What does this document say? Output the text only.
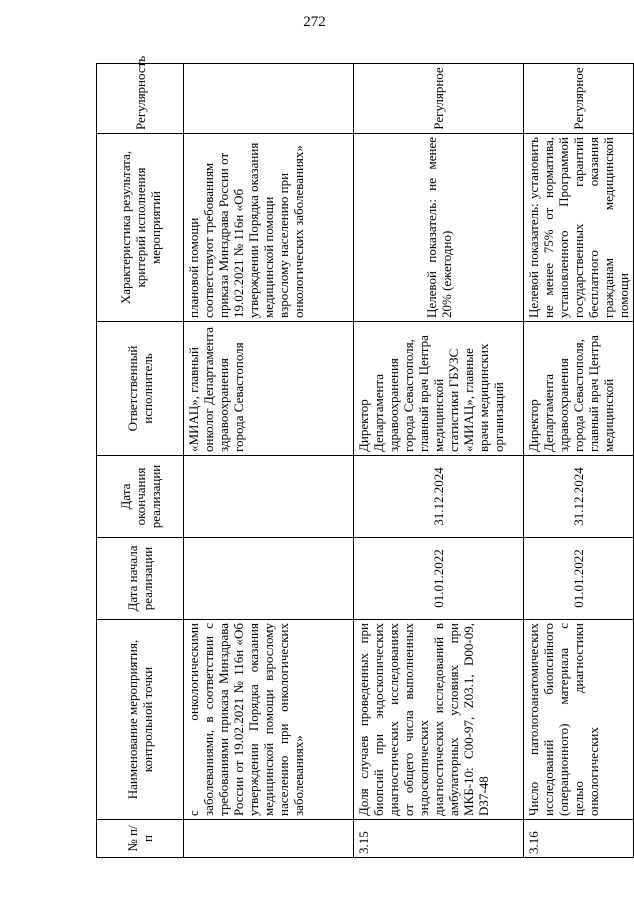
272
№ п/п	Наименование мероприятия, контрольной точки	Дата начала реализации	Дата окончания реализации	Ответственный исполнитель	Характеристика результата, критерий исполнения мероприятий	Регулярность
	с онкологическими заболеваниями, в соответствии с требованиями приказа Минздрава России от 19.02.2021 № 116н «Об утверждении Порядка оказания медицинской помощи взрослому населению при онкологических заболеваниях»			«МИАЦ», главный онколог Департамента здравоохранения города Севастополя	плановой помощи соответствуют требованиям приказа Минздрава России от 19.02.2021 № 116н «Об утверждении Порядка оказания медицинской помощи взрослому населению при онкологических заболеваниях»	
3.15	Доля случаев проведенных при биопсий при эндоскопических диагностических исследованиях от общего числа выполненных эндоскопических диагностических исследований в амбулаторных условиях при МКБ-10: C00-97, Z03.1, D00-09, D37-48	01.01.2022	31.12.2024	Директор Департамента здравоохранения города Севастополя, главный врач Центра медицинской статистики ГБУЗС «МИАЦ», главные врачи медицинских организаций	Целевой показатель: не менее 20% (ежегодно)	Регулярное
3.16	Число патологоанатомических исследований биопсийного (операционного) материала с целью диагностики онкологических	01.01.2022	31.12.2024	Директор Департамента здравоохранения города Севастополя, главный врач Центра медицинской	Целевой показатель: установить не менее 75% от норматива, установленного Программой государственных гарантий бесплатного оказания гражданам медицинской помощи	Регулярное
